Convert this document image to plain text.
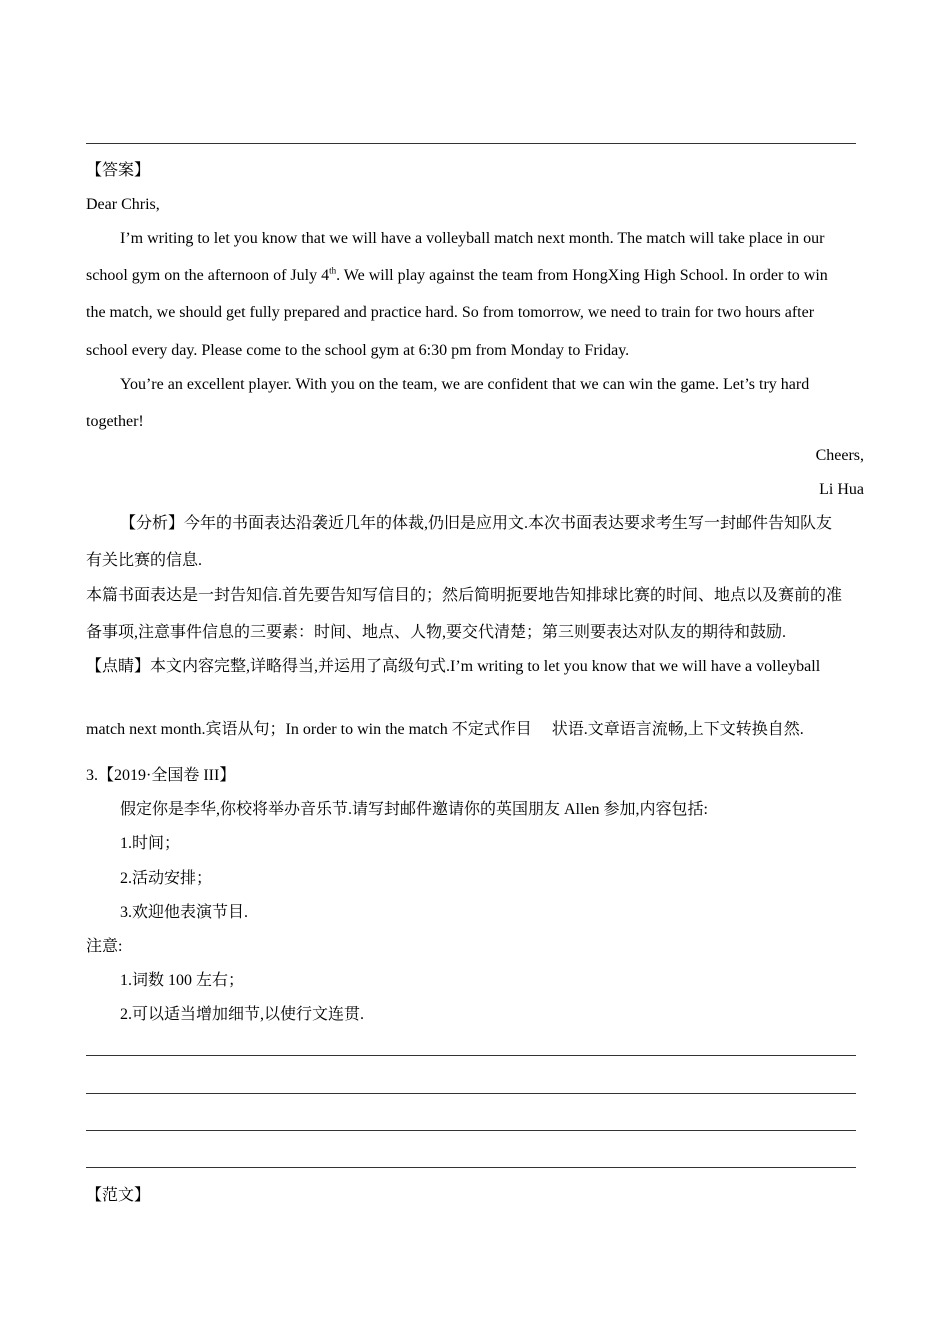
【答案】
Dear Chris,
I’m writing to let you know that we will have a volleyball match next month. The match will take place in our
school gym on the afternoon of July 4th. We will play against the team from HongXing High School. In order to win
the match, we should get fully prepared and practice hard. So from tomorrow, we need to train for two hours after
school every day. Please come to the school gym at 6:30 pm from Monday to Friday.
You’re an excellent player. With you on the team, we are confident that we can win the game. Let’s try hard
together!
Cheers,
Li Hua
【分析】今年的书面表达沿袭近几年的体裁,仍旧是应用文.本次书面表达要求考生写一封邮件告知队友
有关比赛的信息.
本篇书面表达是一封告知信.首先要告知写信目的；然后简明扼要地告知排球比赛的时间、地点以及赛前的准
备事项,注意事件信息的三要素：时间、地点、人物,要交代清楚；第三则要表达对队友的期待和鼓励.
【点睛】本文内容完整,详略得当,并运用了高级句式.I’m writing to let you know that we will have a volleyball
match next month.宾语从句；In order to win the match 不定式作目 状语.文章语言流畅,上下文转换自然.
3.【2019·全国卷 III】
假定你是李华,你校将举办音乐节.请写封邮件邀请你的英国朋友 Allen 参加,内容包括:
1.时间；
2.活动安排；
3.欢迎他表演节目.
注意:
1.词数 100 左右；
2.可以适当增加细节,以使行文连贯.
【范文】
